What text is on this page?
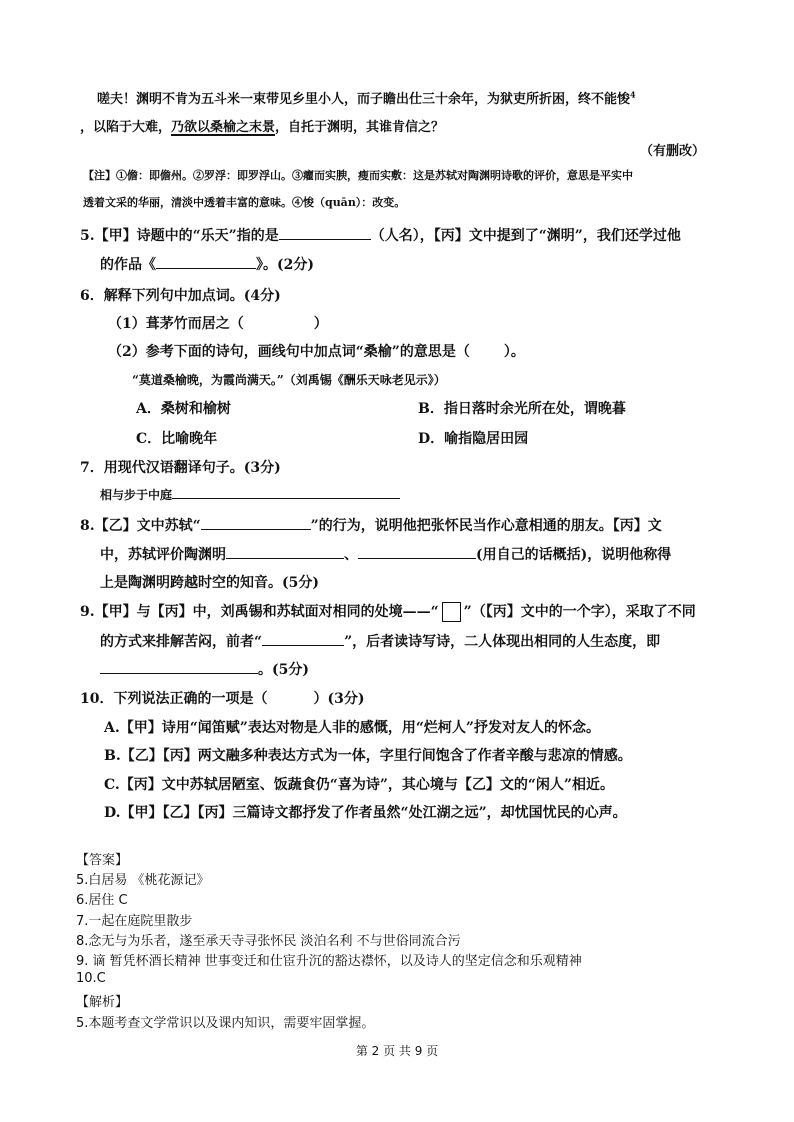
嗟夫！渊明不肯为五斗米一束带见乡里小人，而子瞻出仕三十余年，为狱吏所折困，终不能悛$^4$
，以陷于大难，乃欲以桑榆之末景，自托于渊明，其谁肯信之？
（有删改）
【注】①儋：即儋州。②罗浮：即罗浮山。③癯而实腴，瘦而实敷：这是苏轼对陶渊明诗歌的评价，意思是平实中
透着文采的华丽，清淡中透着丰富的意味。④悛（quān）：改变。
5.【甲】诗题中的“乐天”指的是	（人名），【丙】文中提到了“渊明”，我们还学过他
的作品《	》。(2分)
6．解释下列句中加点词。(4分)
（1）葺茅竹而居之（	）
（2）参考下面的诗句，画线句中加点词“桑榆”的意思是（ ）。
“莫道桑榆晚，为霞尚满天。”（刘禹锡《酬乐天咏老见示》）
A．桑树和榆树	B．指日落时余光所在处，谓晚暮
C．比喻晚年	D．喻指隐居田园
7．用现代汉语翻译句子。(3分)
相与步于中庭
8.【乙】文中苏轼“	”的行为，说明他把张怀民当作心意相通的朋友。【丙】文
中，苏轼评价陶渊明	、	(用自己的话概括)，说明他称得
上是陶渊明跨越时空的知音。(5分)
9.【甲】与【丙】中，刘禹锡和苏轼面对相同的处境——“ ”（【丙】文中的一个字），采取了不同
的方式来排解苦闷，前者“	”，后者读诗写诗，二人体现出相同的人生态度，即
。(5分)
10．下列说法正确的一项是（	）(3分)
A.【甲】诗用“闻笛赋”表达对物是人非的感慨，用“烂柯人”抒发对友人的怀念。
B.【乙】【丙】两文融多种表达方式为一体，字里行间饱含了作者辛酸与悲凉的情感。
C.【丙】文中苏轼居陋室、饭蔬食仍“喜为诗”，其心境与【乙】文的“闲人”相近。
D.【甲】【乙】【丙】三篇诗文都抒发了作者虽然“处江湖之远”，却忧国忧民的心声。
【答案】
5.白居易 《桃花源记》
6.居住 C
7.一起在庭院里散步
8.念无与为乐者，遂至承天寺寻张怀民 淡泊名利 不与世俗同流合污
9. 谪 暂凭杯酒长精神 世事变迁和仕宦升沉的豁达襟怀，以及诗人的坚定信念和乐观精神
10.C
【解析】
5.本题考查文学常识以及课内知识，需要牢固掌握。
第 2 页 共 9 页
